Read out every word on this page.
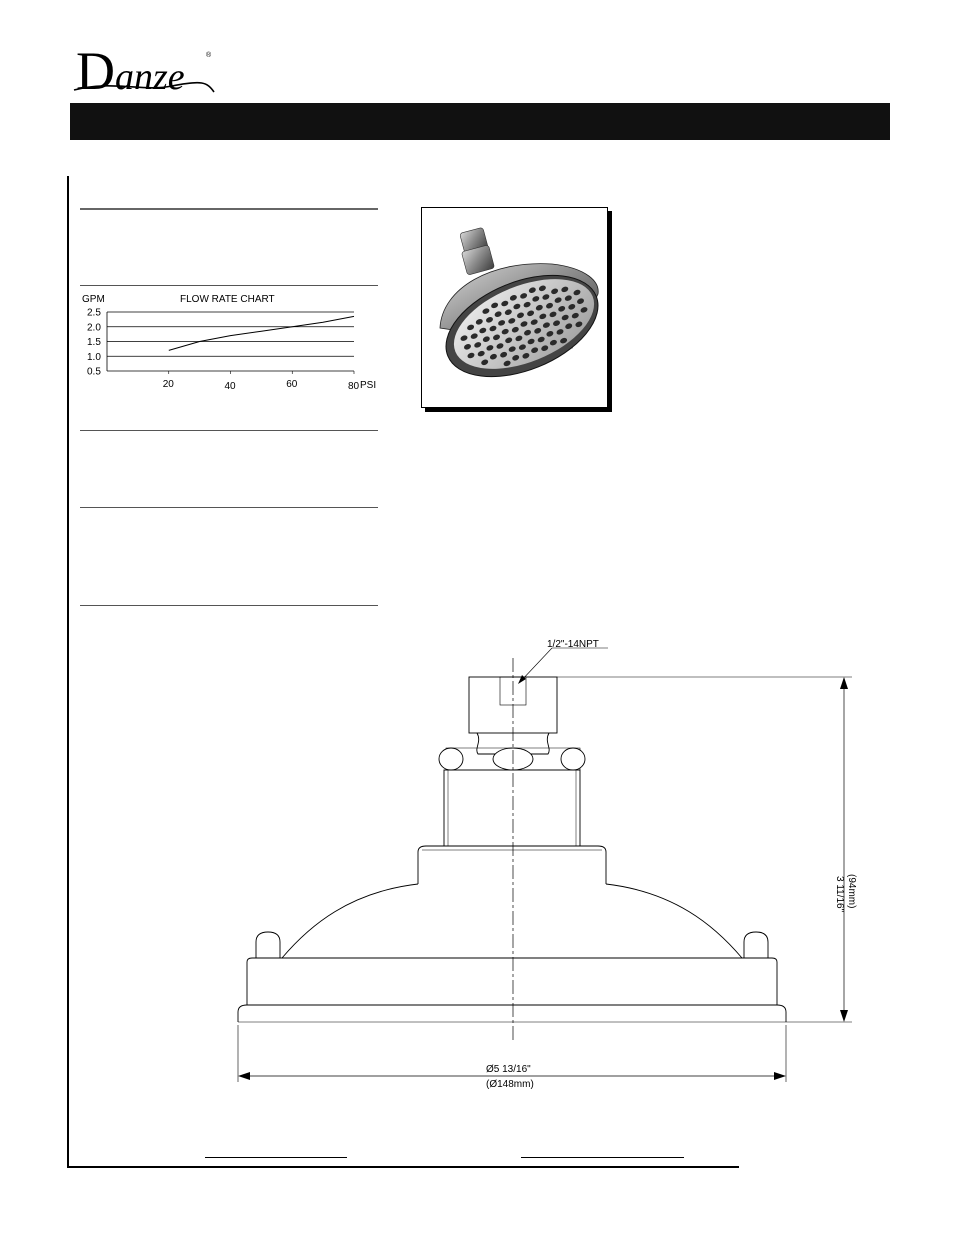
Danze
®
GPM	FLOW RATE CHART
2.5
2.0
1.5
1.0
0.5
20	40	60	80 PSI
1/2"-14NPT
Ø5 13/16"
(Ø148mm)
3 11/16" (94mm)
